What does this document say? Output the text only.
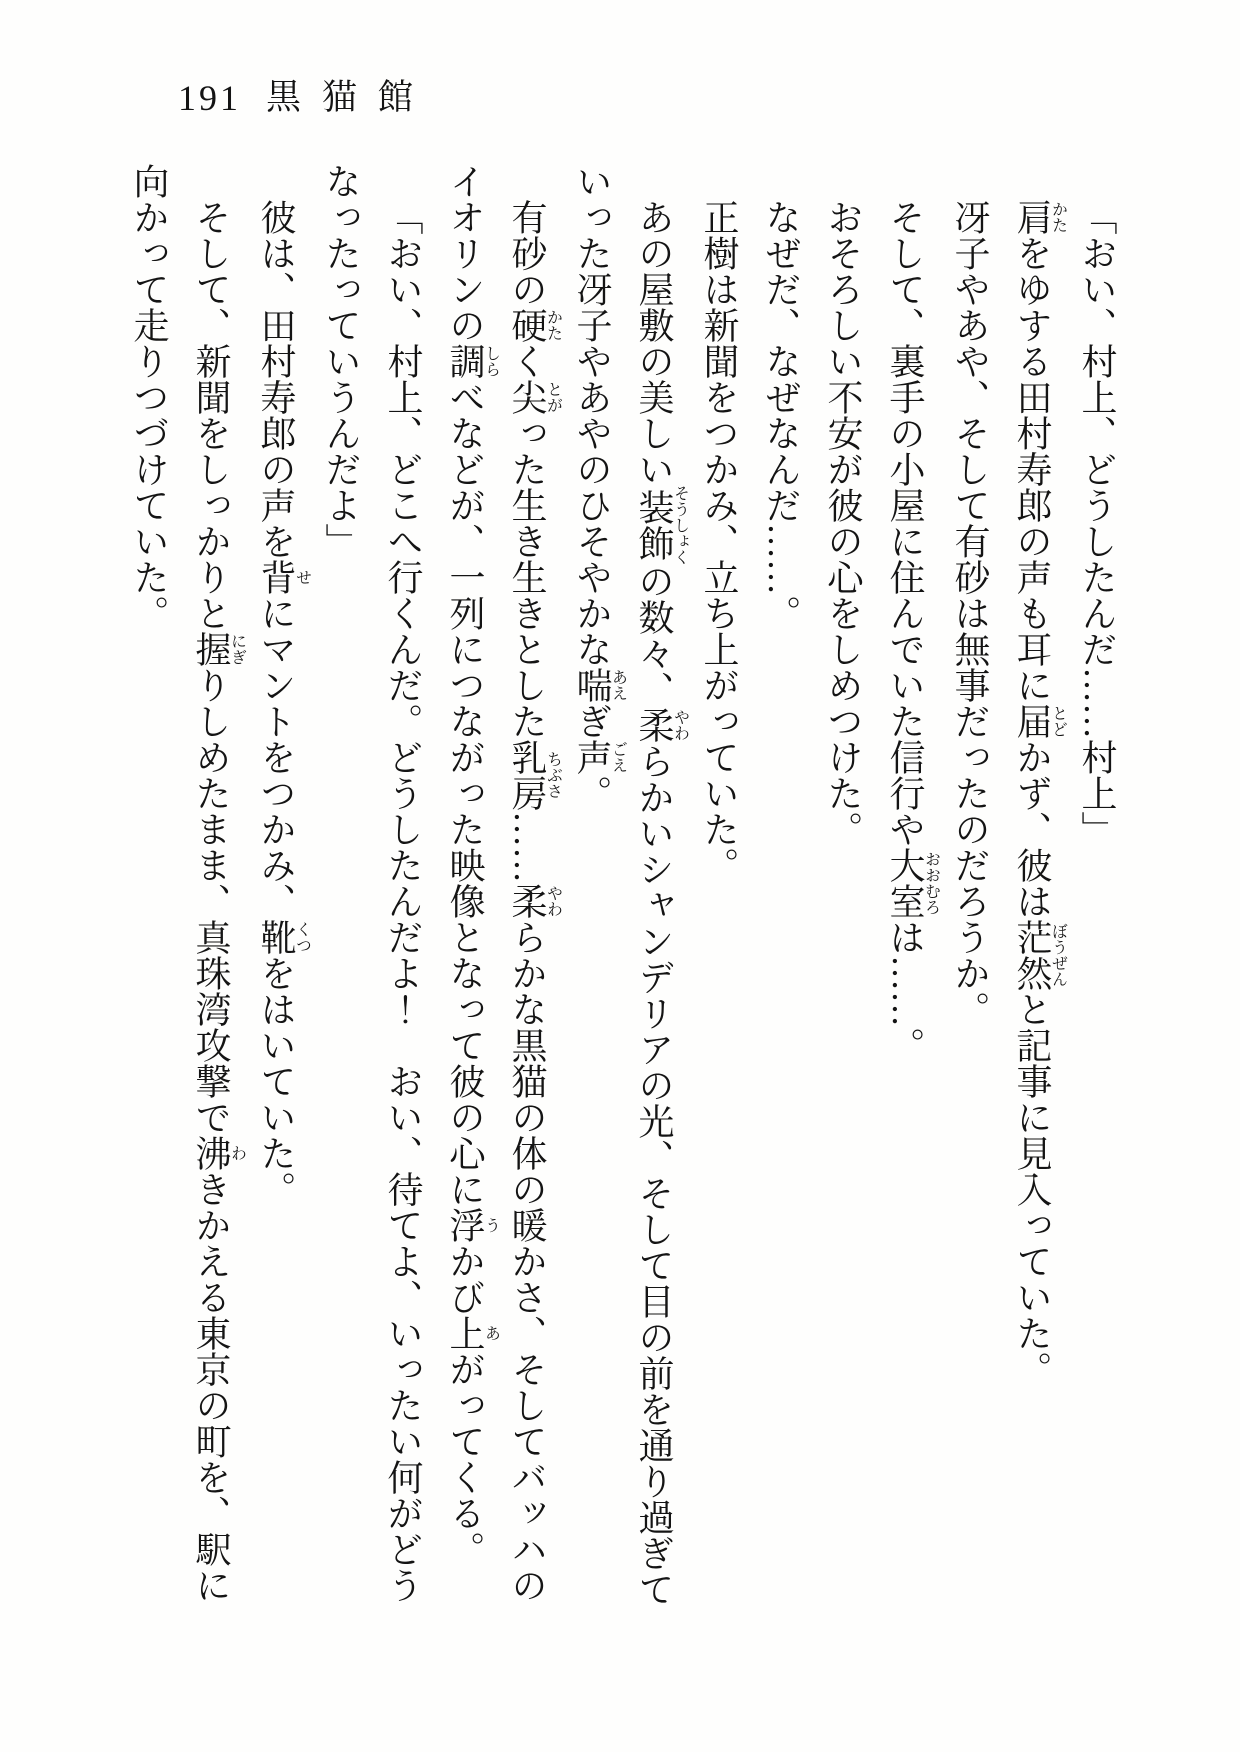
191 黒猫館

「おい、村上、どうしたんだ……村上」

肩かたをゆする田村寿郎の声も耳に届とどかず、彼は茫然ぼうぜんと記事に見入っていた。

冴子やあや、そして有砂は無事だったのだろうか。

そして、裏手の小屋に住んでいた信行や大室おおむろは……。

おそろしい不安が彼の心をしめつけた。

なぜだ、なぜなんだ……。

正樹は新聞をつかみ、立ち上がっていた。

あの屋敷の美しい装飾そうしょくの数々、柔やわらかいシャンデリアの光、そして目の前を通り過ぎていった冴子やあやのひそやかな喘あえぎ声ごえ。

有砂の硬かたく尖とがった生き生きとした乳房ちぶさ……柔やわらかな黒猫の体の暖かさ、そしてバッハのイオリンの調しらべなどが、一列につながった映像となって彼の心に浮うかび上あがってくる。

「おい、村上、どこへ行くんだ。どうしたんだよ！　おい、待てよ、いったい何がどうなったっていうんだよ」

彼は、田村寿郎の声を背せにマントをつかみ、靴くつをはいていた。

そして、新聞をしっかりと握にぎりしめたまま、真珠湾攻撃で沸わきかえる東京の町を、駅に向かって走りつづけていた。
